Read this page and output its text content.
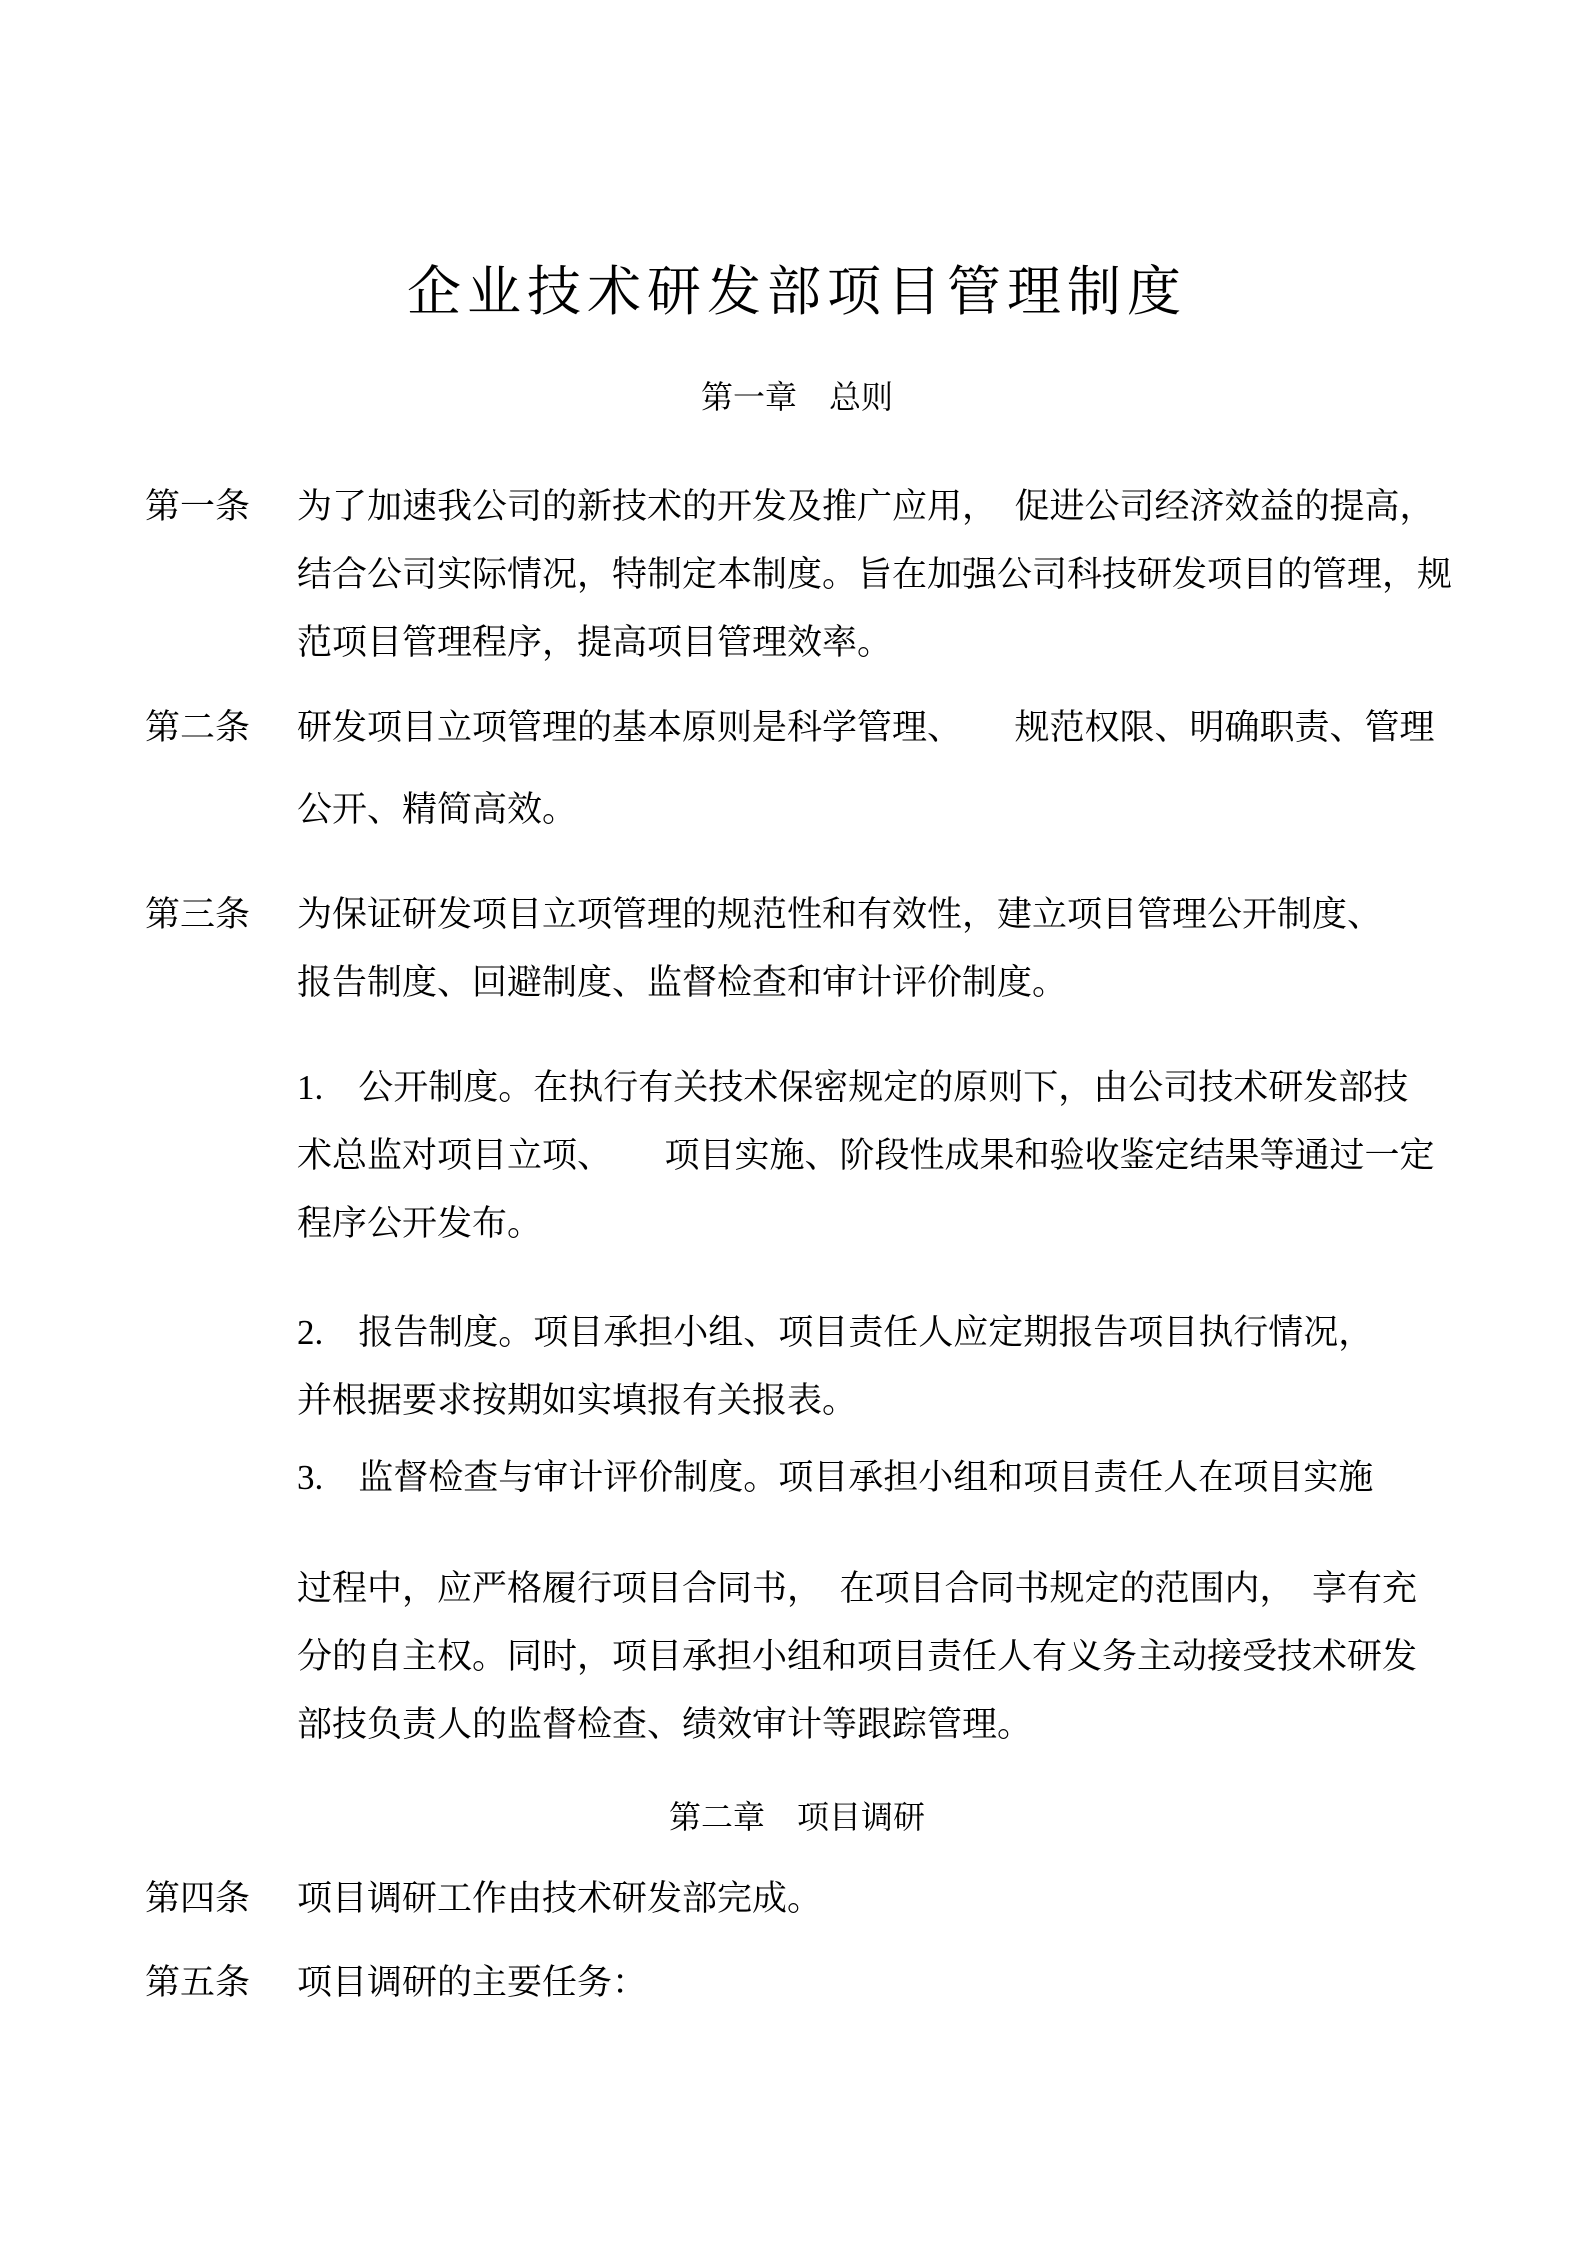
企业技术研发部项目管理制度
第一章　总则
第一条 为了加速我公司的新技术的开发及推广应用，　促进公司经济效益的提高，
结合公司实际情况，特制定本制度。旨在加强公司科技研发项目的管理，规
范项目管理程序，提高项目管理效率。
第二条 研发项目立项管理的基本原则是科学管理、　　规范权限、明确职责、管理
公开、精简高效。
第三条 为保证研发项目立项管理的规范性和有效性，建立项目管理公开制度、
报告制度、回避制度、监督检查和审计评价制度。
1.　公开制度。在执行有关技术保密规定的原则下，由公司技术研发部技
术总监对项目立项、　　项目实施、阶段性成果和验收鉴定结果等通过一定
程序公开发布。
2.　报告制度。项目承担小组、项目责任人应定期报告项目执行情况，
并根据要求按期如实填报有关报表。
3.　监督检查与审计评价制度。项目承担小组和项目责任人在项目实施
过程中，应严格履行项目合同书，　在项目合同书规定的范围内，　享有充
分的自主权。同时，项目承担小组和项目责任人有义务主动接受技术研发
部技负责人的监督检查、绩效审计等跟踪管理。
第二章　项目调研
第四条 项目调研工作由技术研发部完成。
第五条 项目调研的主要任务：
